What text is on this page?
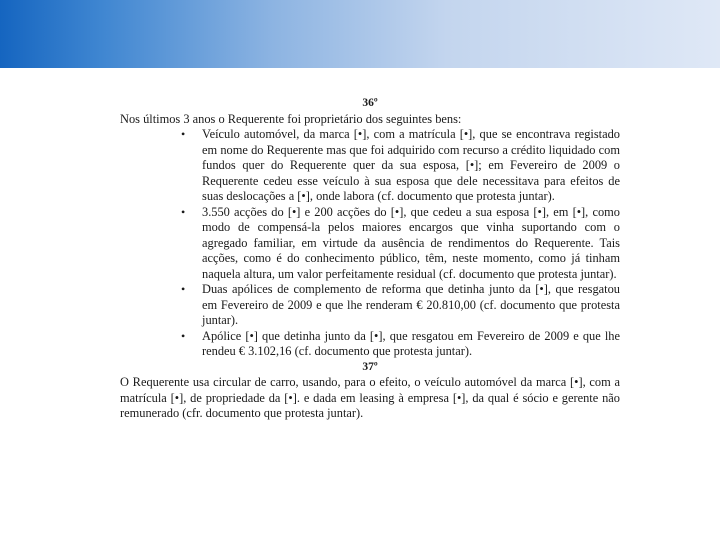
36º

Nos últimos 3 anos o Requerente foi proprietário dos seguintes bens:

• Veículo automóvel, da marca [•], com a matrícula [•], que se encontrava registado em nome do Requerente mas que foi adquirido com recurso a crédito liquidado com fundos quer do Requerente quer da sua esposa, [•]; em Fevereiro de 2009 o Requerente cedeu esse veículo à sua esposa que dele necessitava para efeitos de suas deslocações a [•], onde labora (cf. documento que protesta juntar).
• 3.550 acções do [•] e 200 acções do [•], que cedeu a sua esposa [•], em [•], como modo de compensá-la pelos maiores encargos que vinha suportando com o agregado familiar, em virtude da ausência de rendimentos do Requerente. Tais acções, como é do conhecimento público, têm, neste momento, como já tinham naquela altura, um valor perfeitamente residual (cf. documento que protesta juntar).
• Duas apólices de complemento de reforma que detinha junto da [•], que resgatou em Fevereiro de 2009 e que lhe renderam € 20.810,00 (cf. documento que protesta juntar).
• Apólice [•] que detinha junto da [•], que resgatou em Fevereiro de 2009 e que lhe rendeu € 3.102,16 (cf. documento que protesta juntar).

37º

O Requerente usa circular de carro, usando, para o efeito, o veículo automóvel da marca [•], com a matrícula [•], de propriedade da [•]. e dada em leasing à empresa [•], da qual é sócio e gerente não remunerado (cfr. documento que protesta juntar).
